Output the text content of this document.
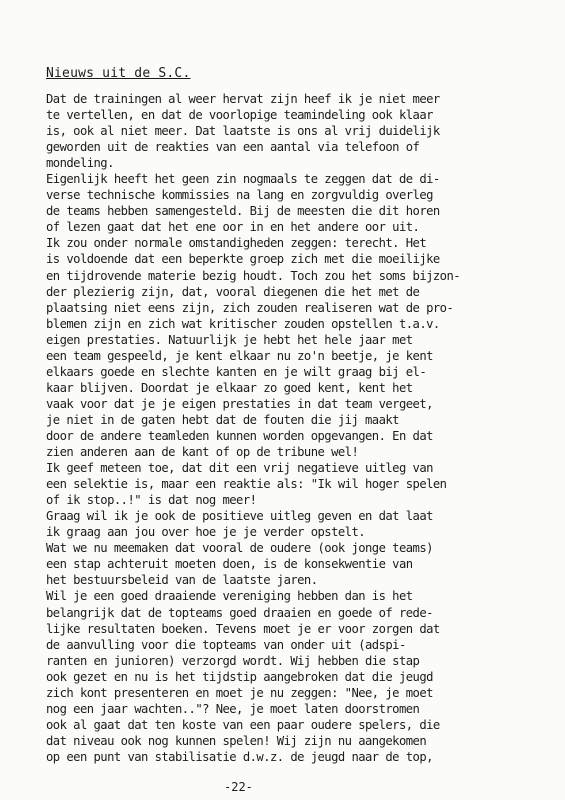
Nieuws uit de S.C.
Dat de trainingen al weer hervat zijn heef ik je niet meer
te vertellen, en dat de voorlopige teamindeling ook klaar
is, ook al niet meer. Dat laatste is ons al vrij duidelijk
geworden uit de reakties van een aantal via telefoon of
mondeling.
Eigenlijk heeft het geen zin nogmaals te zeggen dat de di-
verse technische kommissies na lang en zorgvuldig overleg
de teams hebben samengesteld. Bij de meesten die dit horen
of lezen gaat dat het ene oor in en het andere oor uit.
Ik zou onder normale omstandigheden zeggen: terecht. Het
is voldoende dat een beperkte groep zich met die moeilijke
en tijdrovende materie bezig houdt. Toch zou het soms bijzon-
der plezierig zijn, dat, vooral diegenen die het met de
plaatsing niet eens zijn, zich zouden realiseren wat de pro-
blemen zijn en zich wat kritischer zouden opstellen t.a.v.
eigen prestaties. Natuurlijk je hebt het hele jaar met
een team gespeeld, je kent elkaar nu zo'n beetje, je kent
elkaars goede en slechte kanten en je wilt graag bij el-
kaar blijven. Doordat je elkaar zo goed kent, kent het
vaak voor dat je je eigen prestaties in dat team vergeet,
je niet in de gaten hebt dat de fouten die jij maakt
door de andere teamleden kunnen worden opgevangen. En dat
zien anderen aan de kant of op de tribune wel!
Ik geef meteen toe, dat dit een vrij negatieve uitleg van
een selektie is, maar een reaktie als: "Ik wil hoger spelen
of ik stop..!" is dat nog meer!
Graag wil ik je ook de positieve uitleg geven en dat laat
ik graag aan jou over hoe je je verder opstelt.
Wat we nu meemaken dat vooral de oudere (ook jonge teams)
een stap achteruit moeten doen, is de konsekwentie van
het bestuursbeleid van de laatste jaren.
Wil je een goed draaiende vereniging hebben dan is het
belangrijk dat de topteams goed draaien en goede of rede-
lijke resultaten boeken. Tevens moet je er voor zorgen dat
de aanvulling voor die topteams van onder uit (adspi-
ranten en junioren) verzorgd wordt. Wij hebben die stap
ook gezet en nu is het tijdstip aangebroken dat die jeugd
zich kont presenteren en moet je nu zeggen: "Nee, je moet
nog een jaar wachten.."? Nee, je moet laten doorstromen
ook al gaat dat ten koste van een paar oudere spelers, die
dat niveau ook nog kunnen spelen! Wij zijn nu aangekomen
op een punt van stabilisatie d.w.z. de jeugd naar de top,
-22-
